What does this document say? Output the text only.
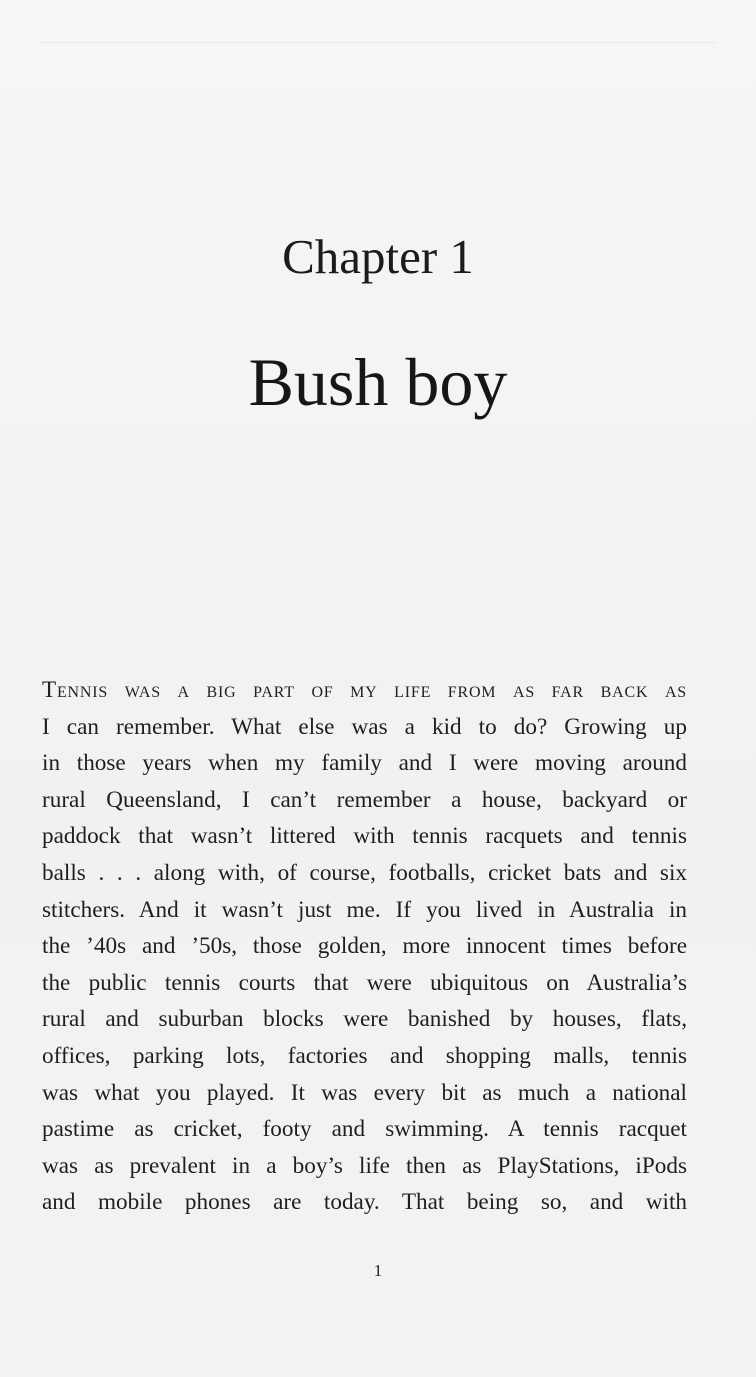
Chapter 1
Bush boy
Tennis was a big part of my life from as far back as
I can remember. What else was a kid to do? Growing up
in those years when my family and I were moving around
rural Queensland, I can’t remember a house, backyard or
paddock that wasn’t littered with tennis racquets and tennis
balls . . . along with, of course, footballs, cricket bats and six
stitchers. And it wasn’t just me. If you lived in Australia in
the ’40s and ’50s, those golden, more innocent times before
the public tennis courts that were ubiquitous on Australia’s
rural and suburban blocks were banished by houses, flats,
offices, parking lots, factories and shopping malls, tennis
was what you played. It was every bit as much a national
pastime as cricket, footy and swimming. A tennis racquet
was as prevalent in a boy’s life then as PlayStations, iPods
and mobile phones are today. That being so, and with
1
